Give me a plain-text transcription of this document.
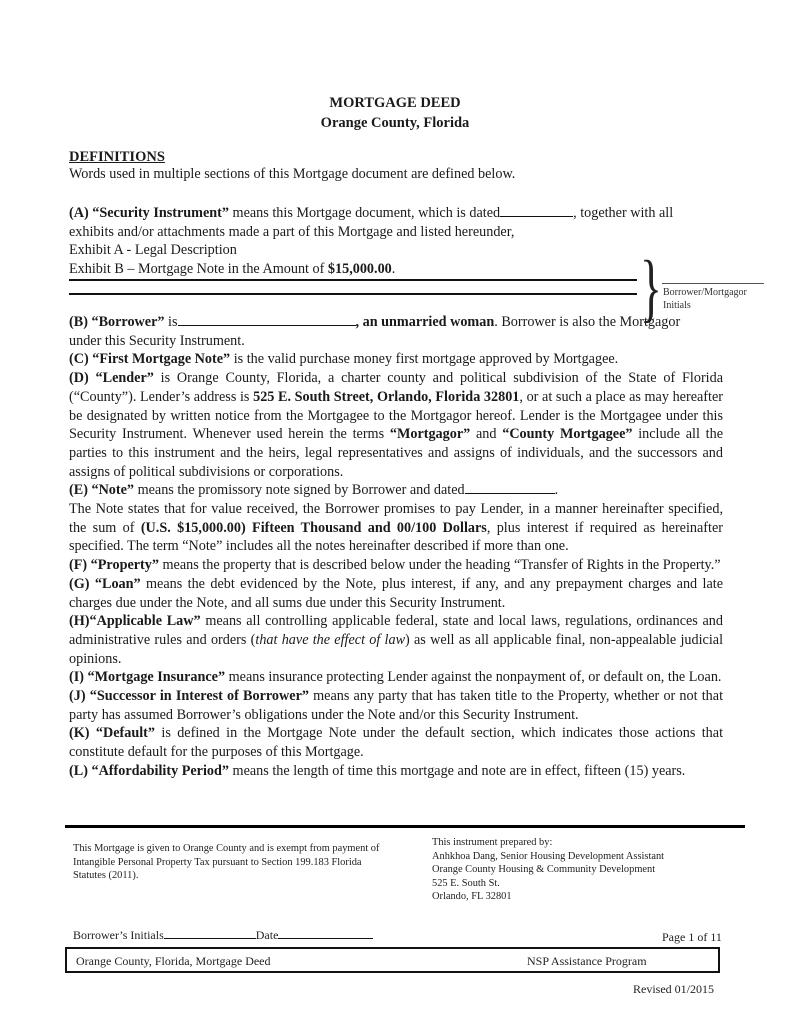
MORTGAGE DEED
Orange County, Florida
DEFINITIONS
Words used in multiple sections of this Mortgage document are defined below.
(A) “Security Instrument” means this Mortgage document, which is dated	, together with all
exhibits and/or attachments made a part of this Mortgage and listed hereunder,
Exhibit A - Legal Description
Exhibit B – Mortgage Note in the Amount of $15,000.00.	} Borrower/Mortgagor
Initials

(B) “Borrower” is	, an unmarried woman. Borrower is also the Mortgagor
under this Security Instrument.

(C) “First Mortgage Note” is the valid purchase money first mortgage approved by Mortgagee.

(D) “Lender” is Orange County, Florida, a charter county and political subdivision of the State of Florida (“County”). Lender’s address is 525 E. South Street, Orlando, Florida 32801, or at such a place as may hereafter be designated by written notice from the Mortgagee to the Mortgagor hereof. Lender is the Mortgagee under this Security Instrument. Whenever used herein the terms “Mortgagor” and “County Mortgagee” include all the parties to this instrument and the heirs, legal representatives and assigns of individuals, and the successors and assigns of political subdivisions or corporations.

(E) “Note” means the promissory note signed by Borrower and dated	.
The Note states that for value received, the Borrower promises to pay Lender, in a manner hereinafter specified, the sum of (U.S. $15,000.00) Fifteen Thousand and 00/100 Dollars, plus interest if required as hereinafter specified. The term “Note” includes all the notes hereinafter described if more than one.

(F) “Property” means the property that is described below under the heading “Transfer of Rights in the Property.”

(G) “Loan” means the debt evidenced by the Note, plus interest, if any, and any prepayment charges and late charges due under the Note, and all sums due under this Security Instrument.

(H)“Applicable Law” means all controlling applicable federal, state and local laws, regulations, ordinances and administrative rules and orders (that have the effect of law) as well as all applicable final, non-appealable judicial opinions.

(I) “Mortgage Insurance” means insurance protecting Lender against the nonpayment of, or default on, the Loan.

(J) “Successor in Interest of Borrower” means any party that has taken title to the Property, whether or not that party has assumed Borrower’s obligations under the Note and/or this Security Instrument.

(K) “Default” is defined in the Mortgage Note under the default section, which indicates those actions that constitute default for the purposes of this Mortgage.

(L) “Affordability Period” means the length of time this mortgage and note are in effect, fifteen (15) years.

This Mortgage is given to Orange County and is exempt from payment of Intangible Personal Property Tax pursuant to Section 199.183 Florida Statutes (2011).
This instrument prepared by:
Anhkhoa Dang, Senior Housing Development Assistant
Orange County Housing & Community Development
525 E. South St.
Orlando, FL 32801
Borrower’s Initials	Date	Page 1 of 11
Orange County, Florida, Mortgage Deed	NSP Assistance Program
Revised 01/2015
